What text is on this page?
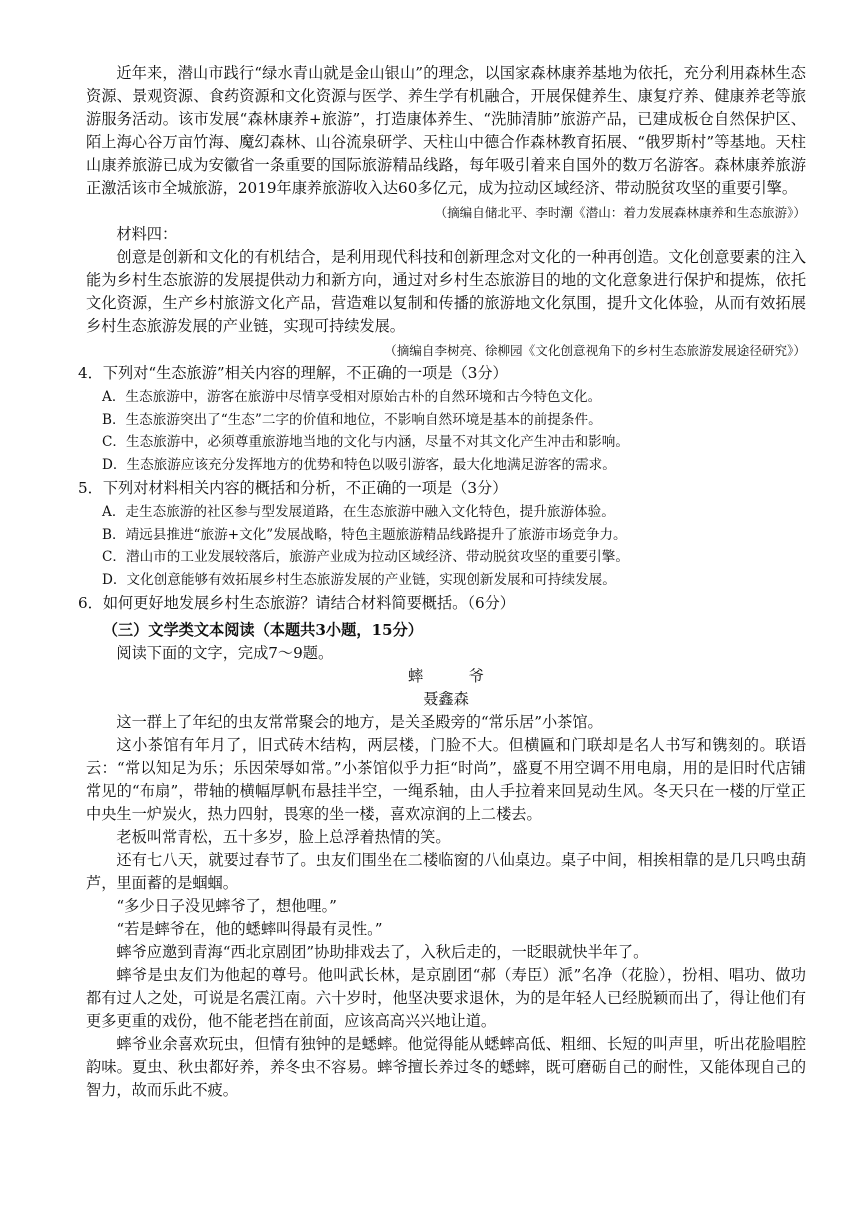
近年来，潜山市践行“绿水青山就是金山银山”的理念，以国家森林康养基地为依托，充分利用森林生态资源、景观资源、食药资源和文化资源与医学、养生学有机融合，开展保健养生、康复疗养、健康养老等旅游服务活动。该市发展“森林康养+旅游”，打造康体养生、“洗肺清肺”旅游产品，已建成板仓自然保护区、陌上海心谷万亩竹海、魔幻森林、山谷流泉研学、天柱山中德合作森林教育拓展、“俄罗斯村”等基地。天柱山康养旅游已成为安徽省一条重要的国际旅游精品线路，每年吸引着来自国外的数万名游客。森林康养旅游正激活该市全城旅游，2019年康养旅游收入达60多亿元，成为拉动区域经济、带动脱贫攻坚的重要引擎。

（摘编自储北平、李时潮《潜山：着力发展森林康养和生态旅游》）

材料四：

创意是创新和文化的有机结合，是利用现代科技和创新理念对文化的一种再创造。文化创意要素的注入能为乡村生态旅游的发展提供动力和新方向，通过对乡村生态旅游目的地的文化意象进行保护和提炼，依托文化资源，生产乡村旅游文化产品，营造难以复制和传播的旅游地文化氛围，提升文化体验，从而有效拓展乡村生态旅游发展的产业链，实现可持续发展。

（摘编自李树亮、徐柳园《文化创意视角下的乡村生态旅游发展途径研究》）

4．下列对“生态旅游”相关内容的理解，不正确的一项是（3分）

A．生态旅游中，游客在旅游中尽情享受相对原始古朴的自然环境和古今特色文化。

B．生态旅游突出了“生态”二字的价值和地位，不影响自然环境是基本的前提条件。

C．生态旅游中，必须尊重旅游地当地的文化与内涵，尽量不对其文化产生冲击和影响。

D．生态旅游应该充分发挥地方的优势和特色以吸引游客，最大化地满足游客的需求。

5．下列对材料相关内容的概括和分析，不正确的一项是（3分）

A．走生态旅游的社区参与型发展道路，在生态旅游中融入文化特色，提升旅游体验。

B．靖远县推进“旅游+文化”发展战略，特色主题旅游精品线路提升了旅游市场竞争力。

C．潜山市的工业发展较落后，旅游产业成为拉动区域经济、带动脱贫攻坚的重要引擎。

D．文化创意能够有效拓展乡村生态旅游发展的产业链，实现创新发展和可持续发展。

6．如何更好地发展乡村生态旅游？请结合材料简要概括。（6分）

（三）文学类文本阅读（本题共3小题，15分）

阅读下面的文字，完成7～9题。

蟀爷

聂鑫森

这一群上了年纪的虫友常常聚会的地方，是关圣殿旁的“常乐居”小茶馆。

这小茶馆有年月了，旧式砖木结构，两层楼，门脸不大。但横匾和门联却是名人书写和镌刻的。联语云：“常以知足为乐；乐因荣辱如常。”小茶馆似乎力拒“时尚”，盛夏不用空调不用电扇，用的是旧时代店铺常见的“布扇”，带轴的横幅厚帆布悬挂半空，一绳系轴，由人手拉着来回晃动生风。冬天只在一楼的厅堂正中央生一炉炭火，热力四射，畏寒的坐一楼，喜欢凉润的上二楼去。

老板叫常青松，五十多岁，脸上总浮着热情的笑。

还有七八天，就要过春节了。虫友们围坐在二楼临窗的八仙桌边。桌子中间，相挨相靠的是几只鸣虫葫芦，里面蓄的是蝈蝈。

“多少日子没见蟀爷了，想他哩。”

“若是蟀爷在，他的蟋蟀叫得最有灵性。”

蟀爷应邀到青海“西北京剧团”协助排戏去了，入秋后走的，一眨眼就快半年了。

蟀爷是虫友们为他起的尊号。他叫武长林，是京剧团“郝（寿臣）派”名净（花脸），扮相、唱功、做功都有过人之处，可说是名震江南。六十岁时，他坚决要求退休，为的是年轻人已经脱颖而出了，得让他们有更多更重的戏份，他不能老挡在前面，应该高高兴兴地让道。

蟀爷业余喜欢玩虫，但情有独钟的是蟋蟀。他觉得能从蟋蟀高低、粗细、长短的叫声里，听出花脸唱腔韵味。夏虫、秋虫都好养，养冬虫不容易。蟀爷擅长养过冬的蟋蟀，既可磨砺自己的耐性，又能体现自己的智力，故而乐此不疲。
